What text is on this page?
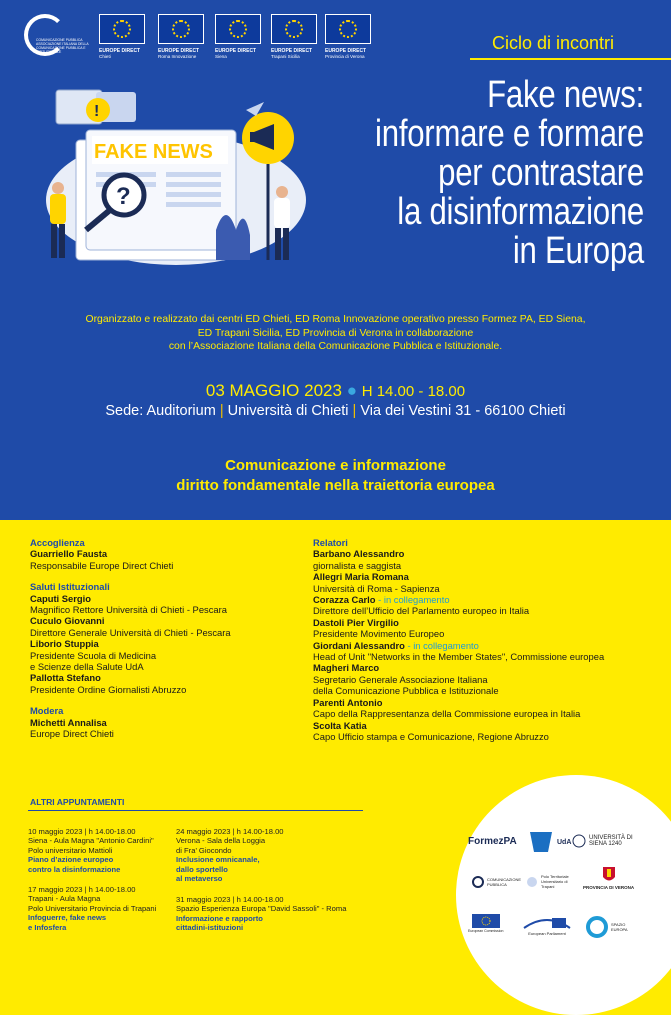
COMUNICAZIONE PUBBLICA ASSOCIAZIONE ITALIANA DELLA COMUNICAZIONE PUBBLICA E ISTITUZIONALE	EUROPE DIRECT
Chieti
EUROPE DIRECT
Roma Innovazione
EUROPE DIRECT
Siena
EUROPE DIRECT
Trapani Sicilia
EUROPE DIRECT
Provincia di Verona
Ciclo di incontri
Fake news:
informare e formare
per contrastare
la disinformazione
in Europa
!
FAKE NEWS
?
Organizzato e realizzato dai centri ED Chieti, ED Roma Innovazione operativo presso Formez PA, ED Siena,
ED Trapani Sicilia, ED Provincia di Verona in collaborazione
con l’Associazione Italiana della Comunicazione Pubblica e Istituzionale.
03 MAGGIO 2023 ● H 14.00 - 18.00
Sede: Auditorium | Università di Chieti | Via dei Vestini 31 - 66100 Chieti
Comunicazione e informazione
diritto fondamentale nella traiettoria europea
Accoglienza
Guarriello Fausta
Responsabile Europe Direct Chieti
Saluti Istituzionali
Caputi Sergio
Magnifico Rettore Università di Chieti - Pescara
Cuculo Giovanni
Direttore Generale Università di Chieti - Pescara
Liborio Stuppia
Presidente Scuola di Medicina
e Scienze della Salute UdA
Pallotta Stefano
Presidente Ordine Giornalisti Abruzzo
Modera
Michetti Annalisa
Europe Direct Chieti
Relatori
Barbano Alessandro
giornalista e saggista
Allegri Maria Romana
Università di Roma - Sapienza
Corazza Carlo - in collegamento
Direttore dell’Ufficio del Parlamento europeo in Italia
Dastoli Pier Virgilio
Presidente Movimento Europeo
Giordani Alessandro - in collegamento
Head of Unit "Networks in the Member States", Commissione europea
Magheri Marco
Segretario Generale Associazione Italiana
della Comunicazione Pubblica e Istituzionale
Parenti Antonio
Capo della Rappresentanza della Commissione europea in Italia
Scolta Katia
Capo Ufficio stampa e Comunicazione, Regione Abruzzo
ALTRI APPUNTAMENTI
10 maggio 2023 | h 14.00-18.00
Siena - Aula Magna "Antonio Cardini"
Polo universitario Mattioli
Piano d’azione europeo
contro la disinformazione
24 maggio 2023 | h 14.00-18.00
Verona - Sala della Loggia
di Fra’ Giocondo
Inclusione omnicanale,
dallo sportello
al metaverso
17 maggio 2023 | h 14.00-18.00
Trapani - Aula Magna
Polo Universitario Provincia di Trapani
Infoguerre, fake news
e Infosfera
31 maggio 2023 | h 14.00-18.00
Spazio Esperienza Europa "David Sassoli" - Roma
Informazione e rapporto
cittadini-istituzioni
FormezPA	UdA
UNIVERSITÀ DI SIENA 1240
COMUNICAZIONE PUBBLICA
Polo Territoriale Universitario di Trapani	PROVINCIA DI VERONA
European Commission	European Parliament
SPAZIO EUROPA
